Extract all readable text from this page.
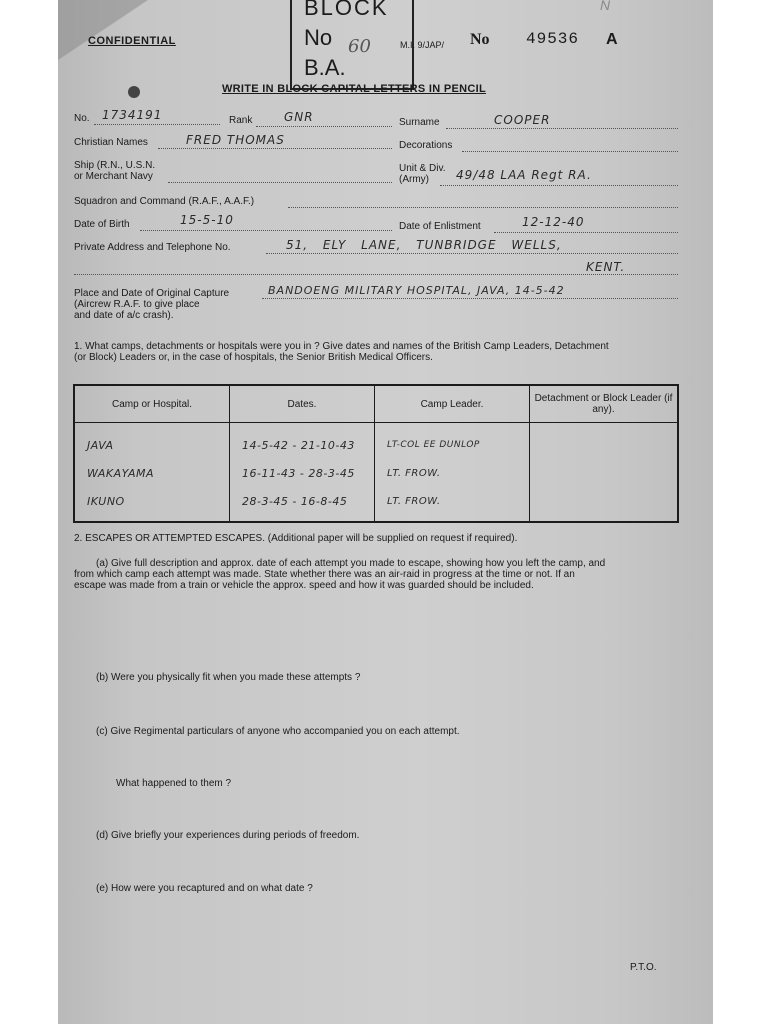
N
CONFIDENTIAL
BLOCK
No
B.A.
60	M.I. 9/JAP/ No 49536 A
WRITE IN BLOCK CAPITAL LETTERS IN PENCIL
No. 1734191	Rank	GNR	Surname	COOPER
Christian Names	FRED THOMAS	Decorations
Ship (R.N., U.S.N.
or Merchant Navy
Unit & Div.
(Army) 49/48 LAA Regt RA.
Squadron and Command (R.A.F., A.A.F.)
Date of Birth	15-5-10	Date of Enlistment	12-12-40
Private Address and Telephone No.	51, ELY LANE, TUNBRIDGE WELLS,
KENT.
Place and Date of Original Capture
(Aircrew R.A.F. to give place
and date of a/c crash).
BANDOENG MILITARY HOSPITAL, JAVA, 14-5-42
1. What camps, detachments or hospitals were you in ? Give dates and names of the British Camp Leaders, Detachment
(or Block) Leaders or, in the case of hospitals, the Senior British Medical Officers.
Camp or Hospital.	Dates.	Camp Leader.	Detachment or Block Leader (if any).
JAVA	14-5-42 - 21-10-43	LT-COL EE DUNLOP	
WAKAYAMA	16-11-43 - 28-3-45	LT. FROW.	
IKUNO	28-3-45 - 16-8-45	LT. FROW.	
2. ESCAPES OR ATTEMPTED ESCAPES. (Additional paper will be supplied on request if required).
(a) Give full description and approx. date of each attempt you made to escape, showing how you left the camp, and
from which camp each attempt was made. State whether there was an air-raid in progress at the time or not. If an
escape was made from a train or vehicle the approx. speed and how it was guarded should be included.
(b) Were you physically fit when you made these attempts ?
(c) Give Regimental particulars of anyone who accompanied you on each attempt.
What happened to them ?
(d) Give briefly your experiences during periods of freedom.
(e) How were you recaptured and on what date ?
P.T.O.
